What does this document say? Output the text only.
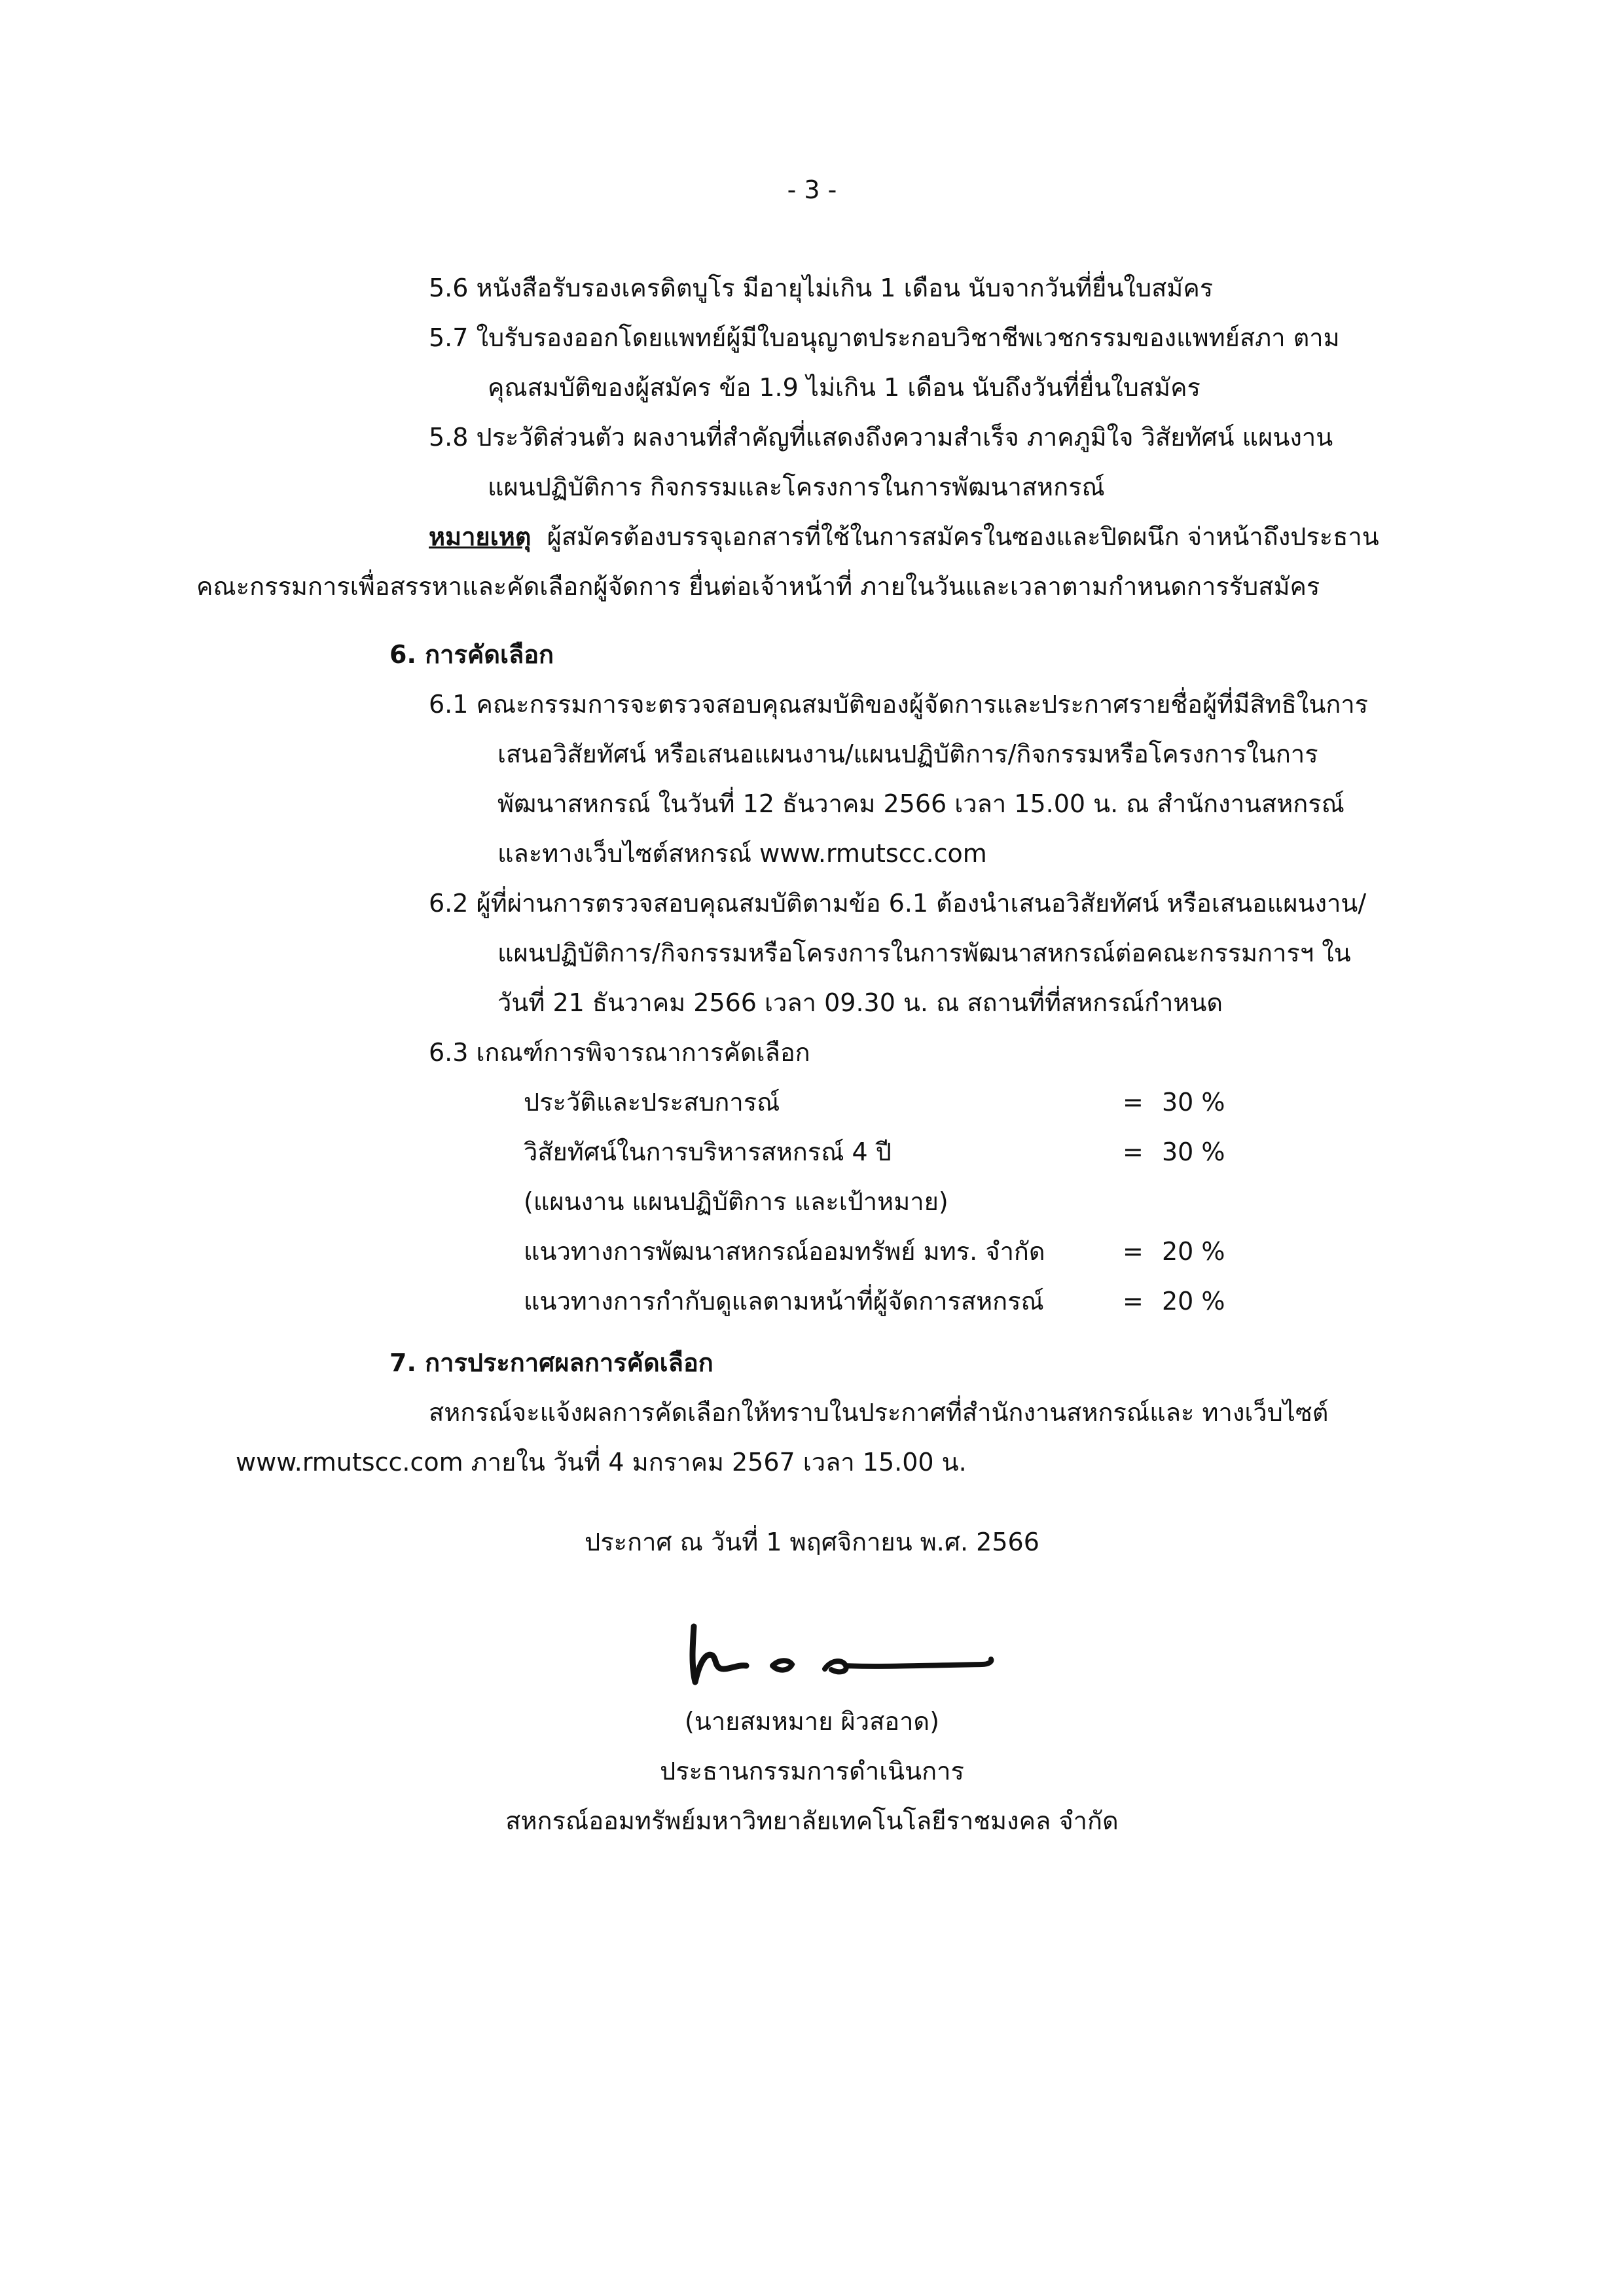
- 3 -
5.6 หนังสือรับรองเครดิตบูโร มีอายุไม่เกิน 1 เดือน นับจากวันที่ยื่นใบสมัคร
5.7 ใบรับรองออกโดยแพทย์ผู้มีใบอนุญาตประกอบวิชาชีพเวชกรรมของแพทย์สภา ตาม
คุณสมบัติของผู้สมัคร ข้อ 1.9 ไม่เกิน 1 เดือน นับถึงวันที่ยื่นใบสมัคร
5.8 ประวัติส่วนตัว ผลงานที่สำคัญที่แสดงถึงความสำเร็จ ภาคภูมิใจ วิสัยทัศน์ แผนงาน
แผนปฏิบัติการ กิจกรรมและโครงการในการพัฒนาสหกรณ์
หมายเหตุ ผู้สมัครต้องบรรจุเอกสารที่ใช้ในการสมัครในซองและปิดผนึก จ่าหน้าถึงประธาน
คณะกรรมการเพื่อสรรหาและคัดเลือกผู้จัดการ ยื่นต่อเจ้าหน้าที่ ภายในวันและเวลาตามกำหนดการรับสมัคร
6. การคัดเลือก
6.1 คณะกรรมการจะตรวจสอบคุณสมบัติของผู้จัดการและประกาศรายชื่อผู้ที่มีสิทธิในการ
เสนอวิสัยทัศน์ หรือเสนอแผนงาน/แผนปฏิบัติการ/กิจกรรมหรือโครงการในการ
พัฒนาสหกรณ์ ในวันที่ 12 ธันวาคม 2566 เวลา 15.00 น. ณ สำนักงานสหกรณ์
และทางเว็บไซต์สหกรณ์ www.rmutscc.com
6.2 ผู้ที่ผ่านการตรวจสอบคุณสมบัติตามข้อ 6.1 ต้องนำเสนอวิสัยทัศน์ หรือเสนอแผนงาน/
แผนปฏิบัติการ/กิจกรรมหรือโครงการในการพัฒนาสหกรณ์ต่อคณะกรรมการฯ ใน
วันที่ 21 ธันวาคม 2566 เวลา 09.30 น. ณ สถานที่ที่สหกรณ์กำหนด
6.3 เกณฑ์การพิจารณาการคัดเลือก
ประวัติและประสบการณ์	= 30 %
วิสัยทัศน์ในการบริหารสหกรณ์ 4 ปี	= 30 %
(แผนงาน แผนปฏิบัติการ และเป้าหมาย)
แนวทางการพัฒนาสหกรณ์ออมทรัพย์ มทร. จำกัด	= 20 %
แนวทางการกำกับดูแลตามหน้าที่ผู้จัดการสหกรณ์	= 20 %
7. การประกาศผลการคัดเลือก
สหกรณ์จะแจ้งผลการคัดเลือกให้ทราบในประกาศที่สำนักงานสหกรณ์และ ทางเว็บไซต์
www.rmutscc.com ภายใน วันที่ 4 มกราคม 2567 เวลา 15.00 น.
ประกาศ ณ วันที่ 1 พฤศจิกายน พ.ศ. 2566
(นายสมหมาย ผิวสอาด)
ประธานกรรมการดำเนินการ
สหกรณ์ออมทรัพย์มหาวิทยาลัยเทคโนโลยีราชมงคล จำกัด
